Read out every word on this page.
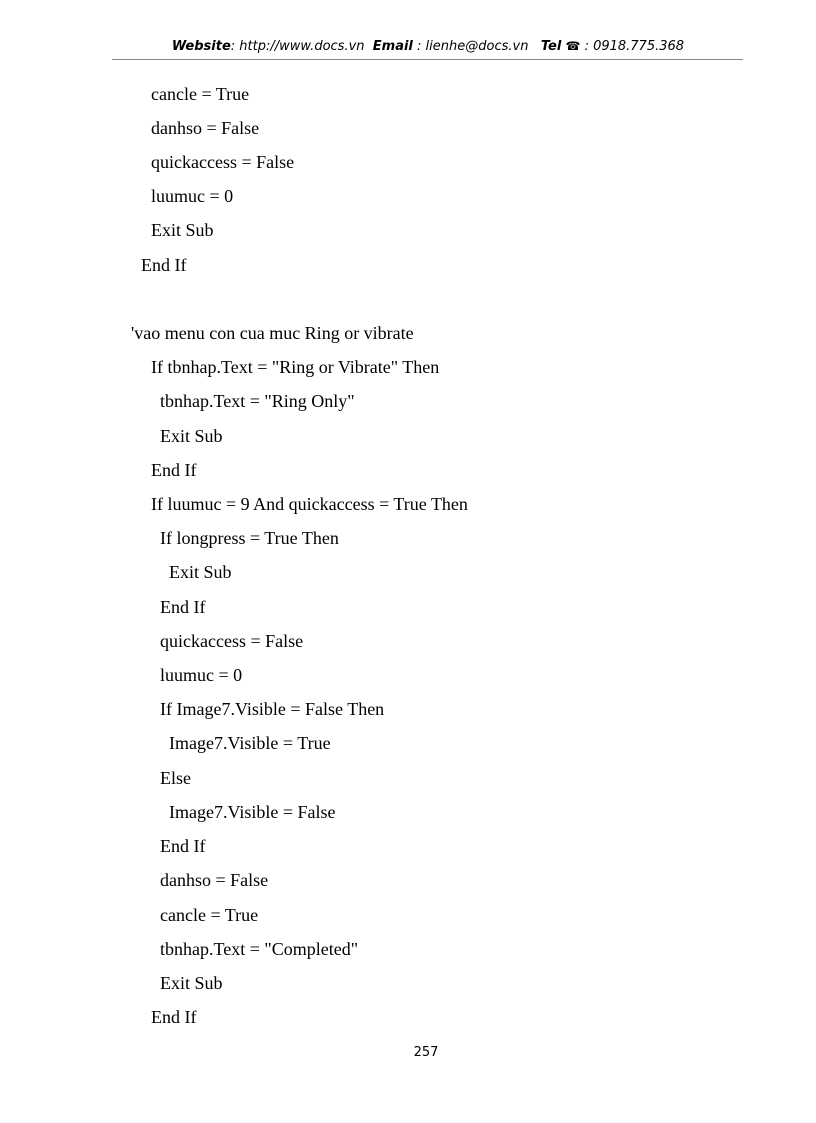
Website: http://www.docs.vn Email : lienhe@docs.vn Tel ☎ : 0918.775.368
cancle = True
danhso = False
quickaccess = False
luumuc = 0
Exit Sub
End If
'vao menu con cua muc Ring or vibrate
If tbnhap.Text = "Ring or Vibrate" Then
tbnhap.Text = "Ring Only"
Exit Sub
End If
If luumuc = 9 And quickaccess = True Then
If longpress = True Then
Exit Sub
End If
quickaccess = False
luumuc = 0
If Image7.Visible = False Then
Image7.Visible = True
Else
Image7.Visible = False
End If
danhso = False
cancle = True
tbnhap.Text = "Completed"
Exit Sub
End If
257
